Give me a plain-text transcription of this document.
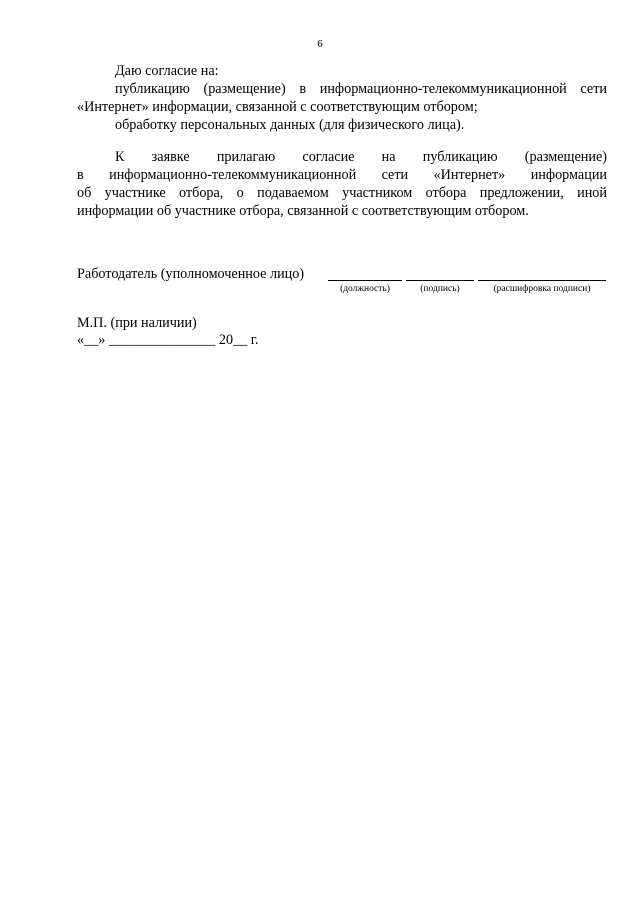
6
Даю согласие на:
публикацию (размещение) в информационно-телекоммуникационной сети
«Интернет» информации, связанной с соответствующим отбором;
обработку персональных данных (для физического лица).
К заявке прилагаю согласие на публикацию (размещение)
в информационно-телекоммуникационной сети «Интернет» информации
об участнике отбора, о подаваемом участником отбора предложении, иной
информации об участнике отбора, связанной с соответствующим отбором.
Работодатель (уполномоченное лицо)
(должность)	(подпись)	(расшифровка подписи)
М.П. (при наличии)
«__» _______________ 20__ г.
